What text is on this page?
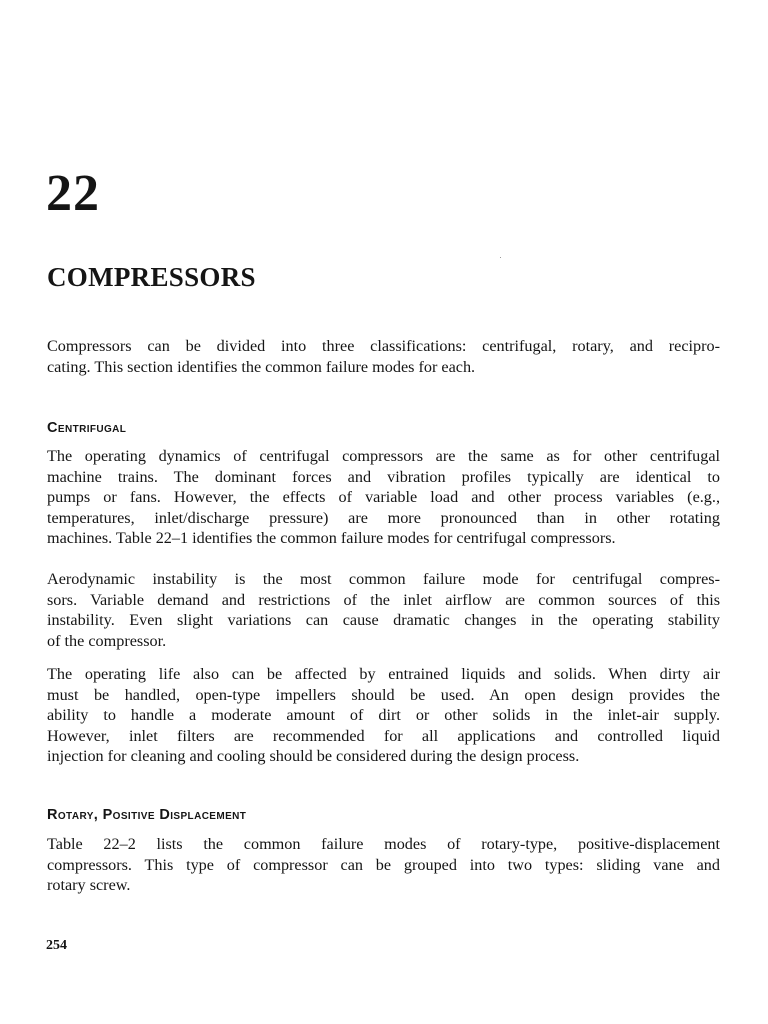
22
COMPRESSORS

Compressors can be divided into three classifications: centrifugal, rotary, and recipro-
cating. This section identifies the common failure modes for each.

Centrifugal

The operating dynamics of centrifugal compressors are the same as for other centrifugal
machine trains. The dominant forces and vibration profiles typically are identical to
pumps or fans. However, the effects of variable load and other process variables (e.g.,
temperatures, inlet/discharge pressure) are more pronounced than in other rotating
machines. Table 22–1 identifies the common failure modes for centrifugal compressors.

Aerodynamic instability is the most common failure mode for centrifugal compres-
sors. Variable demand and restrictions of the inlet airflow are common sources of this
instability. Even slight variations can cause dramatic changes in the operating stability
of the compressor.

The operating life also can be affected by entrained liquids and solids. When dirty air
must be handled, open-type impellers should be used. An open design provides the
ability to handle a moderate amount of dirt or other solids in the inlet-air supply.
However, inlet filters are recommended for all applications and controlled liquid
injection for cleaning and cooling should be considered during the design process.

Rotary, Positive Displacement

Table 22–2 lists the common failure modes of rotary-type, positive-displacement
compressors. This type of compressor can be grouped into two types: sliding vane and
rotary screw.

254
